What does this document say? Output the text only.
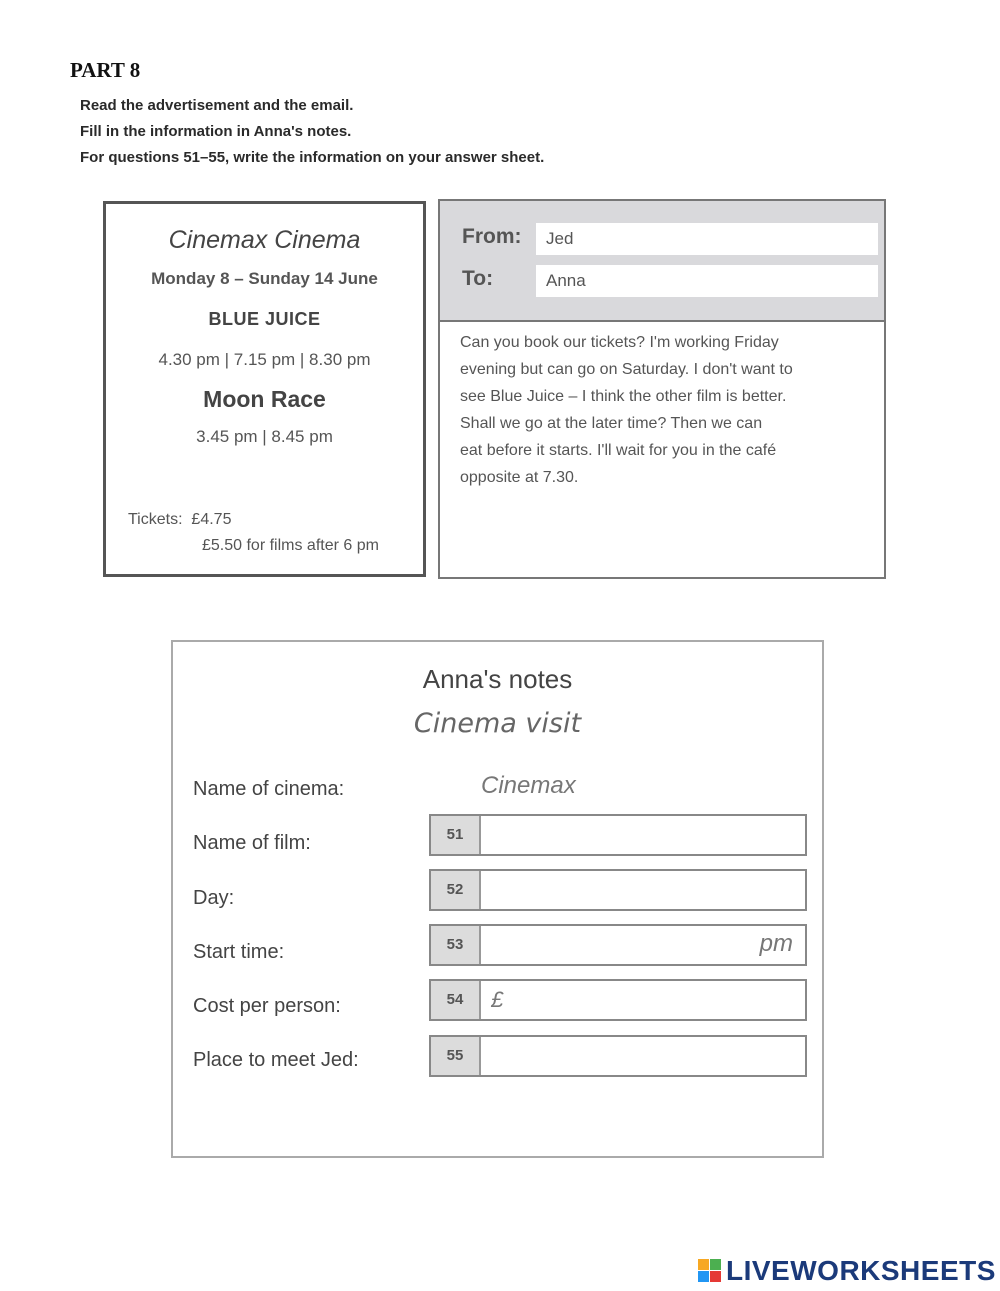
PART 8
Read the advertisement and the email.
Fill in the information in Anna's notes.
For questions 51–55, write the information on your answer sheet.
Cinemax Cinema
Monday 8 – Sunday 14 June
BLUE JUICE
4.30 pm | 7.15 pm | 8.30 pm
Moon Race
3.45 pm | 8.45 pm
Tickets: £4.75
£5.50 for films after 6 pm
From:	Jed
To:	Anna
Can you book our tickets? I'm working Friday
evening but can go on Saturday. I don't want to
see Blue Juice – I think the other film is better.
Shall we go at the later time? Then we can
eat before it starts. I'll wait for you in the café
opposite at 7.30.
Anna's notes
Cinema visit
Name of cinema:	Cinemax
Name of film:	51
Day:	52
Start time:	53	pm
Cost per person:	54	£
Place to meet Jed:	55
LIVEWORKSHEETS
